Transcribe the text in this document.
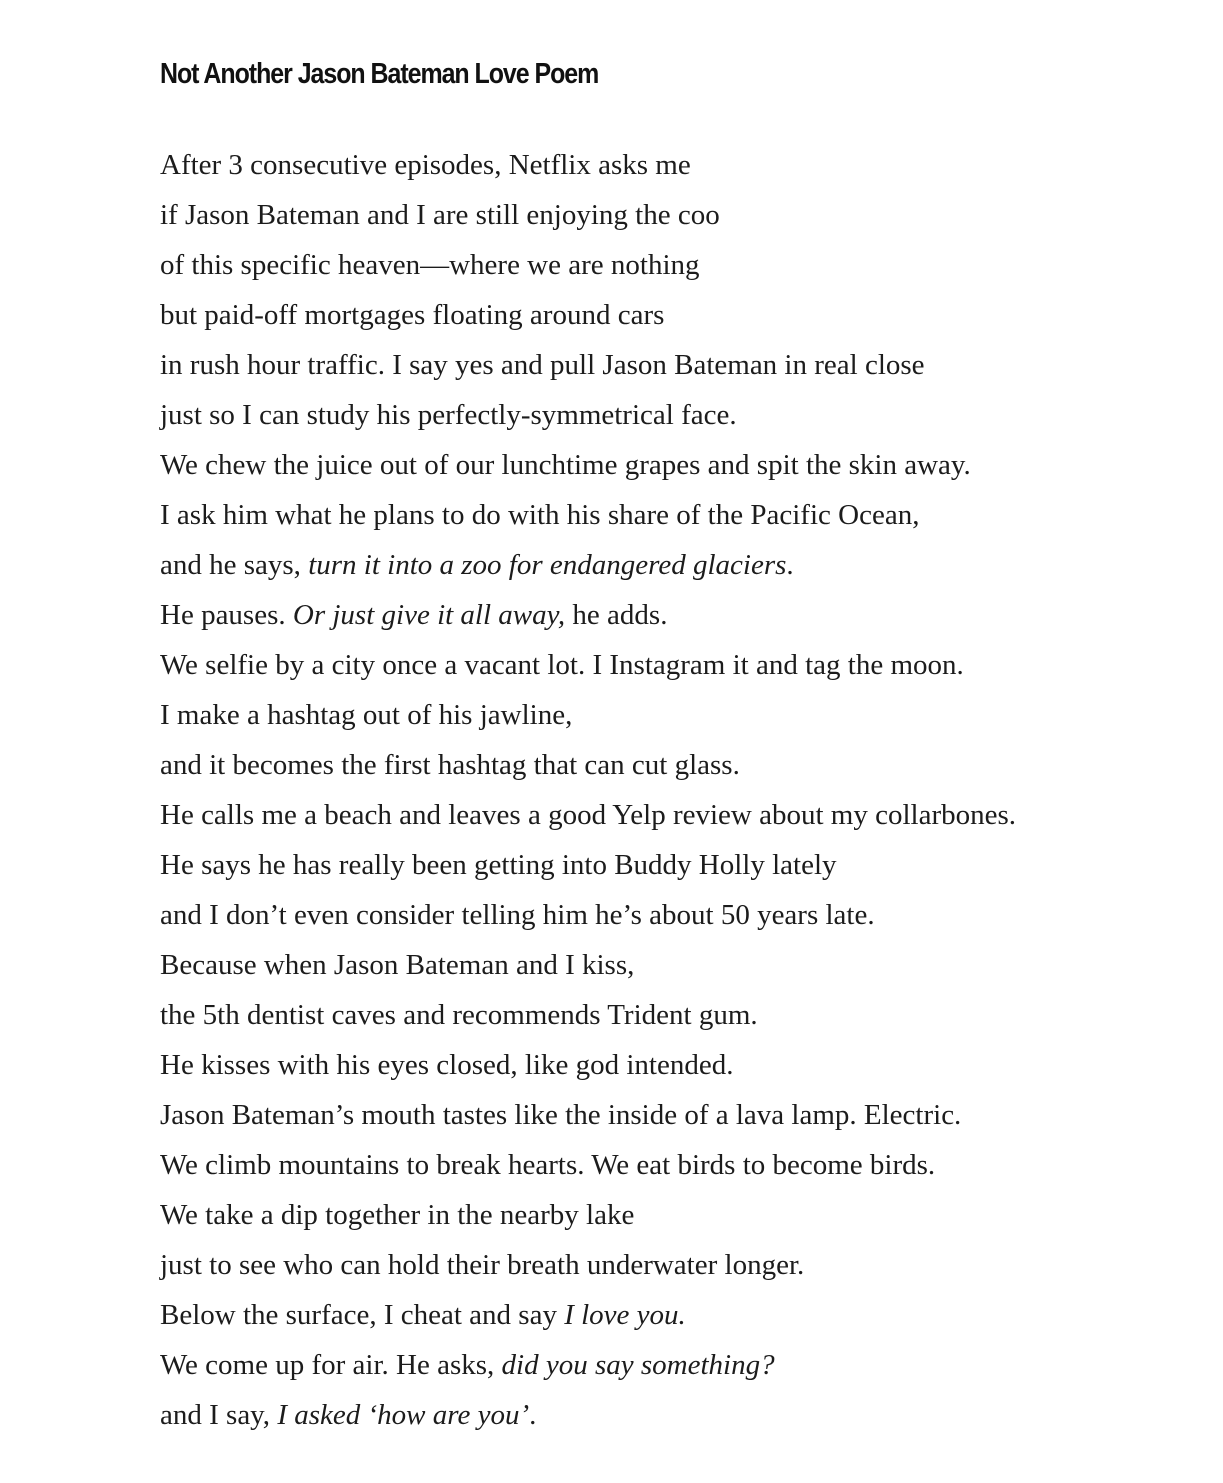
Not Another Jason Bateman Love Poem
After 3 consecutive episodes, Netflix asks me
if Jason Bateman and I are still enjoying the coo
of this specific heaven—where we are nothing
but paid-off mortgages floating around cars
in rush hour traffic. I say yes and pull Jason Bateman in real close
just so I can study his perfectly-symmetrical face.
We chew the juice out of our lunchtime grapes and spit the skin away.
I ask him what he plans to do with his share of the Pacific Ocean,
and he says, turn it into a zoo for endangered glaciers.
He pauses. Or just give it all away, he adds.
We selfie by a city once a vacant lot. I Instagram it and tag the moon.
I make a hashtag out of his jawline,
and it becomes the first hashtag that can cut glass.
He calls me a beach and leaves a good Yelp review about my collarbones.
He says he has really been getting into Buddy Holly lately
and I don’t even consider telling him he’s about 50 years late.
Because when Jason Bateman and I kiss,
the 5th dentist caves and recommends Trident gum.
He kisses with his eyes closed, like god intended.
Jason Bateman’s mouth tastes like the inside of a lava lamp. Electric.
We climb mountains to break hearts. We eat birds to become birds.
We take a dip together in the nearby lake
just to see who can hold their breath underwater longer.
Below the surface, I cheat and say I love you.
We come up for air. He asks, did you say something?
and I say, I asked ‘how are you’.
